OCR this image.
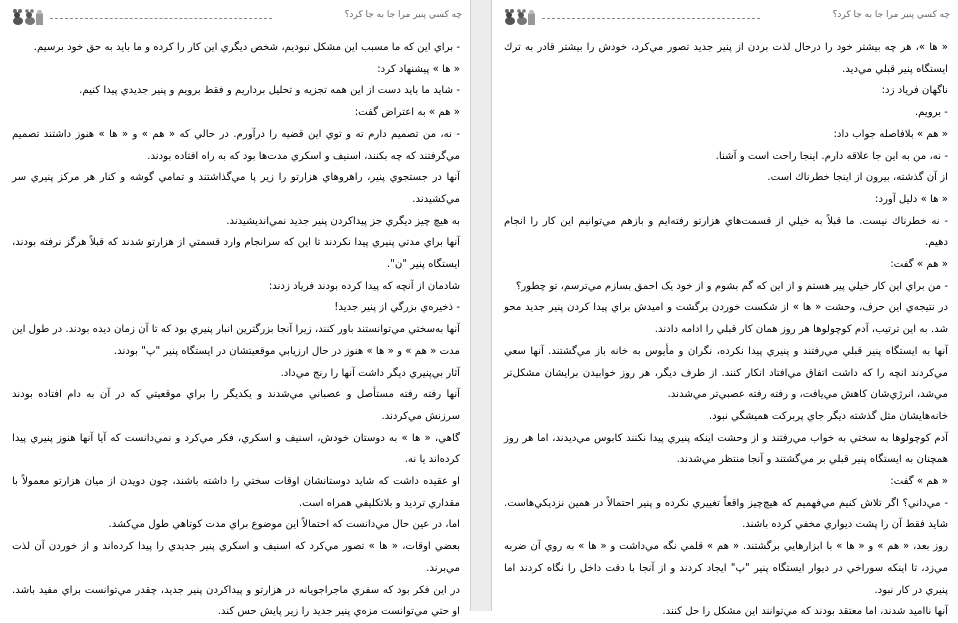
چه کسي پنير مرا جا به جا کرد؟

- براي اين كه ما مسبب اين مشكل نبوديم، شخص ديگري اين كار را كرده و ما بايد به حق خود برسيم.

« ها » پيشنهاد كرد:

- شايد ما بايد دست از اين همه تجزيه و تحليل برداريم و فقط برويم و پنير جديدي پيدا كنيم.

« هم » به اعتراض گفت:

- نه، من تصميم دارم ته و توي اين قضيه را درآورم. در حالي كه « هم » و « ها » هنوز داشتند تصميم مي‌گرفتند كه چه بكنند، اسنيف و اسكري مدت‌ها بود كه به راه افتاده بودند.

آنها در جستجوي پنير، راهروهاي هزارتو را زير پا مي‌گذاشتند و تمامي گوشه و كنار هر مركز پنيري سر مي‌كشيدند.

به هيچ چيز ديگري جز پيداكردن پنير جديد نمي‌انديشيدند.

آنها براي مدتي پنيري پيدا نكردند تا اين كه سرانجام وارد قسمتي از هزارتو شدند كه قبلاً هرگز نرفته بودند، ايستگاه پنير "ن".

شادمان از آنچه كه پيدا كرده بودند فرياد زدند:

- ذخيره‌ي بزرگي از پنير جديد!

آنها به‌سختي مي‌توانستند باور كنند، زيرا آنجا بزرگترين انبار پنيري بود كه تا آن زمان ديده بودند. در طول اين مدت « هم » و « ها » هنوز در حال ارزيابي موقعيتشان در ايستگاه پنير "پ" بودند.

آثار بي‌پنيري ديگر داشت آنها را رنج مي‌داد.

آنها رفته رفته مستأصل و عصباني مي‌شدند و يكديگر را براي موقعيتي كه در آن به دام افتاده بودند سرزنش مي‌كردند.

گاهي، « ها » به دوستان خودش، اسنيف و اسكري، فكر مي‌كرد و نمي‌دانست كه آيا آنها هنوز پنيري پيدا كرده‌اند يا نه.

او عقيده داشت كه شايد دوستانشان اوقات سختي را داشته باشند، چون دويدن از ميان هزارتو معمولاً با مقداري ترديد و بلاتكليفي همراه است.

اما، در عين حال مي‌دانست كه احتمالاً اين موضوع براي مدت كوتاهي طول مي‌كشد.

بعضي اوقات، « ها » تصور مي‌كرد كه اسنيف و اسكري پنير جديدي را پيدا كرده‌اند و از خوردن آن لذت مي‌برند.

در اين فكر بود كه سفري ماجراجويانه در هزارتو و پيداكردن پنير جديد، چقدر مي‌توانست براي مفيد باشد. او حتي مي‌توانست مزه‌ي پنير جديد را زير پايش حس كند.

چه کسي پنير مرا جا به جا کرد؟

« ها »، هر چه بيشتر خود را درحال لذت بردن از پنير جديد تصور مي‌كرد، خودش را بيشتر قادر به ترك ايستگاه پنير قبلي مي‌ديد.

ناگهان فرياد زد:

- برويم.

« هم » بلافاصله جواب داد:

- نه، من به اين جا علاقه دارم. اينجا راحت است و آشنا.

از آن گذشته، بيرون از اينجا خطرناك است.

« ها » دليل آورد:

- نه خطرناك نيست. ما قبلاً به خيلي از قسمت‌هاي هزارتو رفته‌ايم و بازهم مي‌توانيم اين كار را انجام دهيم.

« هم » گفت:

- من براي اين كار خيلي پير هستم و از اين كه گم بشوم و از خود يک احمق بسازم مي‌ترسم، تو چطور؟

در نتيجه‌ي اين حرف، وحشت « ها » از شكست خوردن برگشت و اميدش براي پيدا كردن پنير جديد محو شد. به اين ترتيب، آدم كوچولوها هر روز همان كار قبلي را ادامه دادند.

آنها به ايستگاه پنير قبلي مي‌رفتند و پنيري پيدا نكرده، نگران و مأيوس به خانه باز مي‌گشتند. آنها سعي مي‌كردند انچه را كه داشت اتفاق مي‌افتاد انكار كنند. از طرف ديگر، هر روز خوابيدن برايشان مشكل‌تر مي‌شد، انرژي‌شان كاهش مي‌يافت، و رفته رفته عصبي‌تر مي‌شدند.

خانه‌هايشان مثل گذشته ديگر جاي پربركت هميشگي نبود.

آدم كوچولوها به سختي به خواب مي‌رفتند و از وحشت اينكه پنيري پيدا نكنند كابوس مي‌ديدند، اما هر روز همچنان به ايستگاه پنير قبلي بر مي‌گشتند و آنجا منتظر مي‌شدند.

« هم » گفت:

- مي‌داني؟ اگر تلاش كنيم مي‌فهميم كه هيچ‌چيز واقعاً تغييري نكرده و پنير احتمالاً در همين نزديكي‌هاست. شايد فقط آن را پشت ديواري مخفي كرده باشند.

روز بعد، « هم » و « ها » با ابزارهايي برگشتند. « هم » قلمي نگه مي‌داشت و « ها » به روي آن ضربه مي‌زد، تا اينكه سوراخي در ديوار ايستگاه پنير "پ" ايجاد كردند و از آنجا با دقت داخل را نگاه كردند اما پنيري در كار نبود.

آنها نااميد شدند، اما معتقد بودند كه مي‌توانند اين مشكل را حل كنند.
